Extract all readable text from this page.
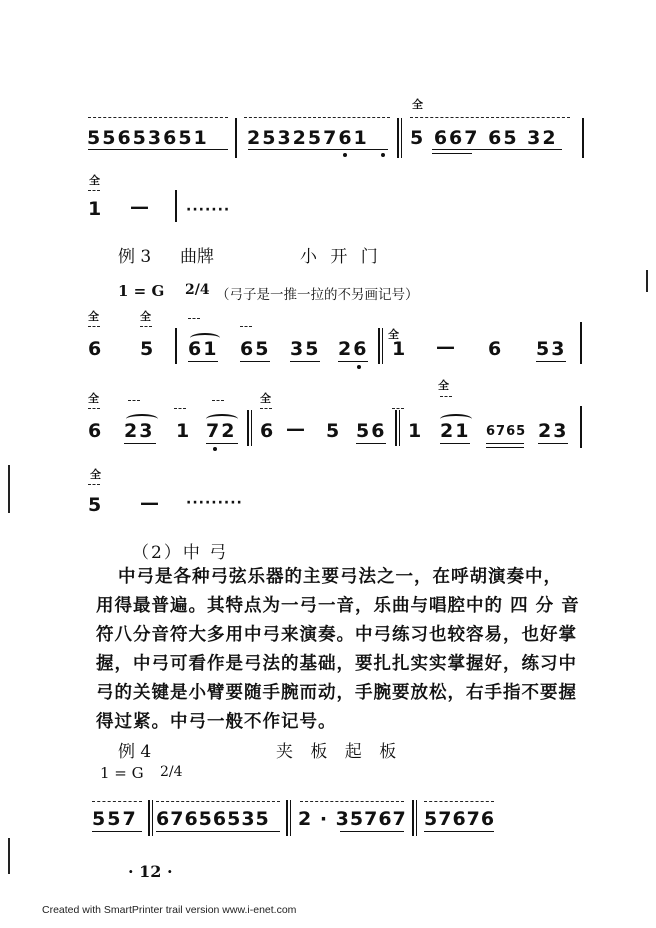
全
55653651 25325761 5 667 65 32
全
1 —	·······
例 3 曲牌	小 开 门
1 = G 2/4 （弓子是一推一拉的不另画记号）
全	全
6 5 61 65 35 26
全
1 — 6 53
全	全
全
6 23 1 72 6 — 5 56 1 21 6765 23
全
5 — ·········
（2）中 弓
中弓是各种弓弦乐器的主要弓法之一，在呼胡演奏中，
用得最普遍。其特点为一弓一音，乐曲与唱腔中的 四 分 音
符八分音符大多用中弓来演奏。中弓练习也较容易，也好掌
握，中弓可看作是弓法的基础，要扎扎实实掌握好，练习中
弓的关键是小臂要随手腕而动，手腕要放松，右手指不要握
得过紧。中弓一般不作记号。
例 4	夹 板 起 板
1 = G 2/4
557 67656535 2 · 35767 57676
· 12 ·
Created with SmartPrinter trail version www.i-enet.com
